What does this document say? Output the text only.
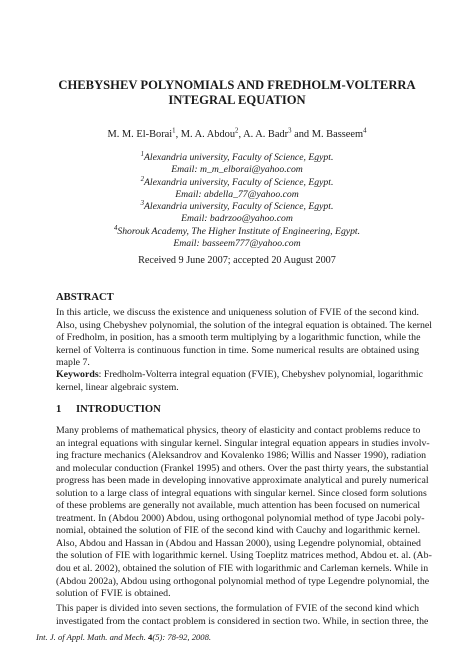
CHEBYSHEV POLYNOMIALS AND FREDHOLM-VOLTERRA
INTEGRAL EQUATION
M. M. El-Borai$^1$, M. A. Abdou$^2$, A. A. Badr$^3$ and M. Basseem$^4$
$^1$Alexandria university, Faculty of Science, Egypt.
Email: m_m_elborai@yahoo.com
$^2$Alexandria university, Faculty of Science, Egypt.
Email: abdella_77@yahoo.com
$^3$Alexandria university, Faculty of Science, Egypt.
Email: badrzoo@yahoo.com
$^4$Shorouk Academy, The Higher Institute of Engineering, Egypt.
Email: basseem777@yahoo.com
Received 9 June 2007; accepted 20 August 2007
ABSTRACT
In this article, we discuss the existence and uniqueness solution of FVIE of the second kind.
Also, using Chebyshev polynomial, the solution of the integral equation is obtained. The kernel
of Fredholm, in position, has a smooth term multiplying by a logarithmic function, while the
kernel of Volterra is continuous function in time. Some numerical results are obtained using
maple 7.
Keywords: Fredholm-Volterra integral equation (FVIE), Chebyshev polynomial, logarithmic
kernel, linear algebraic system.
1 INTRODUCTION
Many problems of mathematical physics, theory of elasticity and contact problems reduce to
an integral equations with singular kernel. Singular integral equation appears in studies involv-
ing fracture mechanics (Aleksandrov and Kovalenko 1986; Willis and Nasser 1990), radiation
and molecular conduction (Frankel 1995) and others. Over the past thirty years, the substantial
progress has been made in developing innovative approximate analytical and purely numerical
solution to a large class of integral equations with singular kernel. Since closed form solutions
of these problems are generally not available, much attention has been focused on numerical
treatment. In (Abdou 2000) Abdou, using orthogonal polynomial method of type Jacobi poly-
nomial, obtained the solution of FIE of the second kind with Cauchy and logarithmic kernel.
Also, Abdou and Hassan in (Abdou and Hassan 2000), using Legendre polynomial, obtained
the solution of FIE with logarithmic kernel. Using Toeplitz matrices method, Abdou et. al. (Ab-
dou et al. 2002), obtained the solution of FIE with logarithmic and Carleman kernels. While in
(Abdou 2002a), Abdou using orthogonal polynomial method of type Legendre polynomial, the
solution of FVIE is obtained.
This paper is divided into seven sections, the formulation of FVIE of the second kind which
investigated from the contact problem is considered in section two. While, in section three, the
Int. J. of Appl. Math. and Mech. 4(5): 78-92, 2008.
